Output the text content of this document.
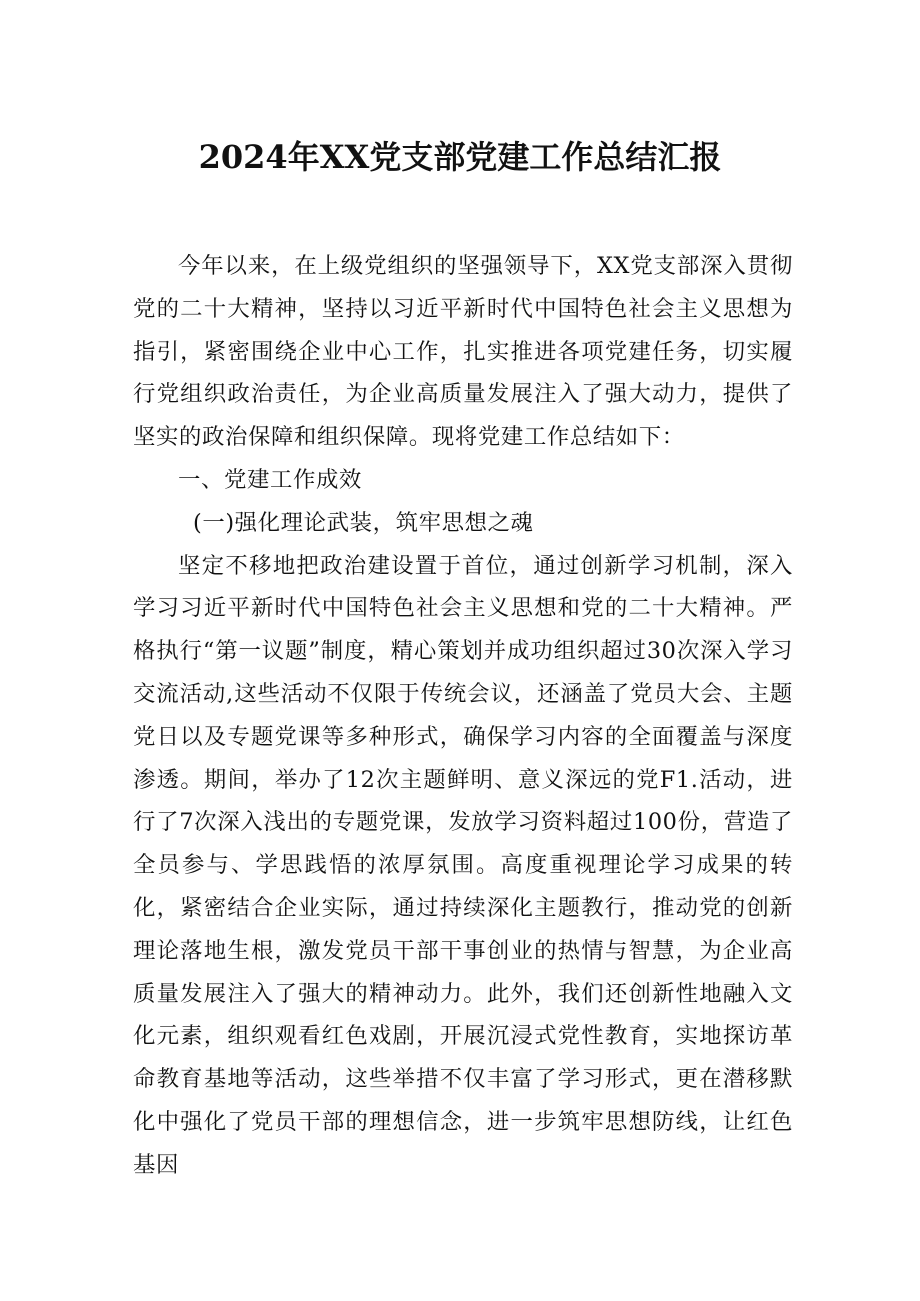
2024年XX党支部党建工作总结汇报

今年以来，在上级党组织的坚强领导下，XX党支部深入贯彻党的二十大精神，坚持以习近平新时代中国特色社会主义思想为指引，紧密围绕企业中心工作，扎实推进各项党建任务，切实履行党组织政治责任，为企业高质量发展注入了强大动力，提供了坚实的政治保障和组织保障。现将党建工作总结如下：

一、党建工作成效

(一)强化理论武装，筑牢思想之魂

坚定不移地把政治建设置于首位，通过创新学习机制，深入学习习近平新时代中国特色社会主义思想和党的二十大精神。严格执行“第一议题”制度，精心策划并成功组织超过30次深入学习交流活动,这些活动不仅限于传统会议，还涵盖了党员大会、主题党日以及专题党课等多种形式，确保学习内容的全面覆盖与深度渗透。期间，举办了12次主题鲜明、意义深远的党F1.活动，进行了7次深入浅出的专题党课，发放学习资料超过100份，营造了全员参与、学思践悟的浓厚氛围。高度重视理论学习成果的转化，紧密结合企业实际，通过持续深化主题教行，推动党的创新理论落地生根，激发党员干部干事创业的热情与智慧，为企业高质量发展注入了强大的精神动力。此外，我们还创新性地融入文化元素，组织观看红色戏剧，开展沉浸式党性教育，实地探访革命教育基地等活动，这些举措不仅丰富了学习形式，更在潜移默化中强化了党员干部的理想信念，进一步筑牢思想防线，让红色基因
